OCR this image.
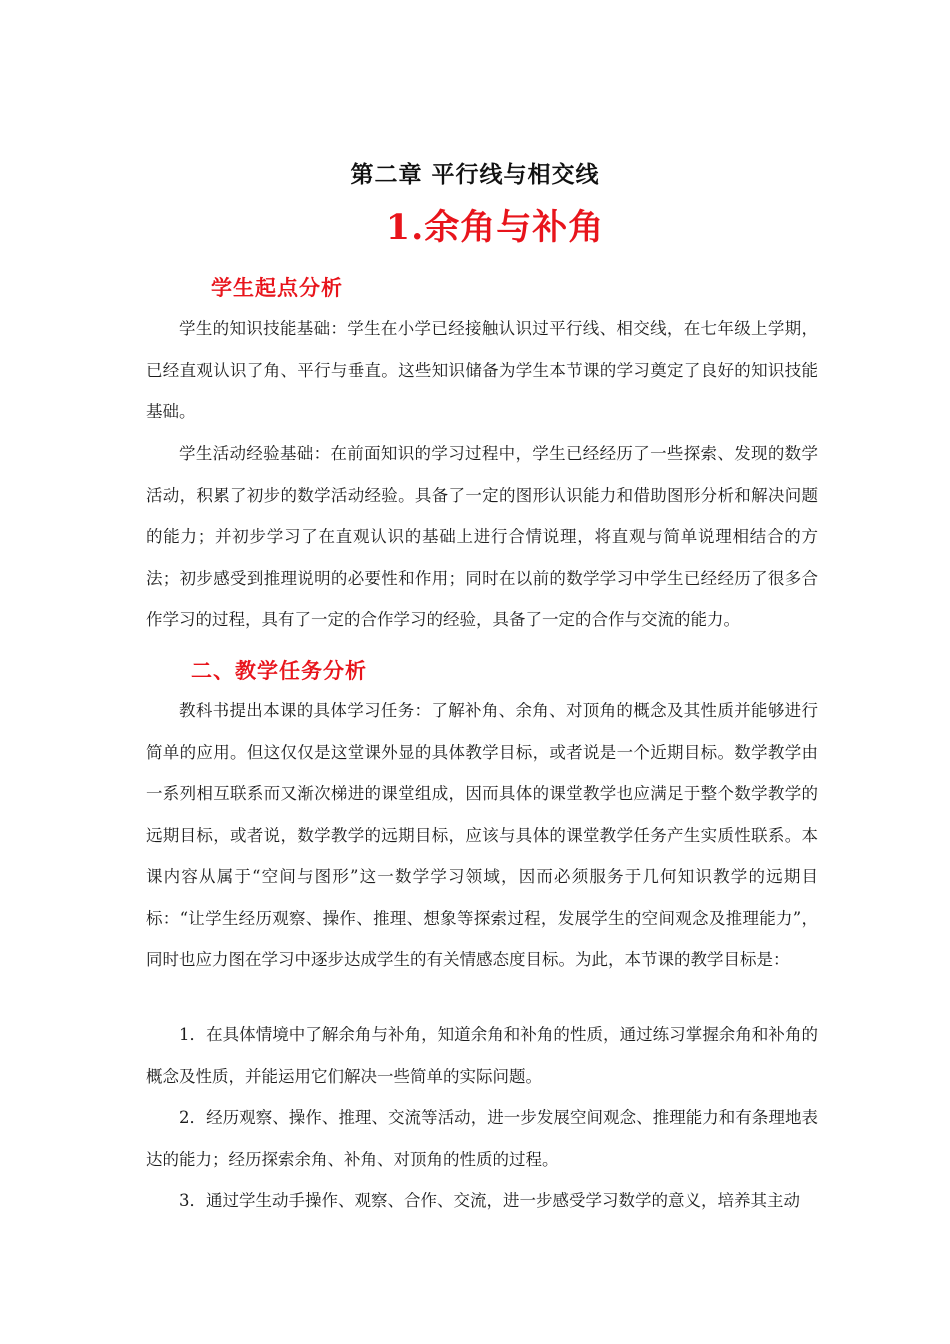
第二章 平行线与相交线
1.余角与补角
学生起点分析

学生的知识技能基础：学生在小学已经接触认识过平行线、相交线，在七年级上学期，已经直观认识了角、平行与垂直。这些知识储备为学生本节课的学习奠定了良好的知识技能基础。

学生活动经验基础：在前面知识的学习过程中，学生已经经历了一些探索、发现的数学活动，积累了初步的数学活动经验。具备了一定的图形认识能力和借助图形分析和解决问题的能力；并初步学习了在直观认识的基础上进行合情说理，将直观与简单说理相结合的方法；初步感受到推理说明的必要性和作用；同时在以前的数学学习中学生已经经历了很多合作学习的过程，具有了一定的合作学习的经验，具备了一定的合作与交流的能力。

二、教学任务分析

教科书提出本课的具体学习任务：了解补角、余角、对顶角的概念及其性质并能够进行简单的应用。但这仅仅是这堂课外显的具体教学目标，或者说是一个近期目标。数学教学由一系列相互联系而又渐次梯进的课堂组成，因而具体的课堂教学也应满足于整个数学教学的远期目标，或者说，数学教学的远期目标，应该与具体的课堂教学任务产生实质性联系。本课内容从属于“空间与图形”这一数学学习领域，因而必须服务于几何知识教学的远期目标：“让学生经历观察、操作、推理、想象等探索过程，发展学生的空间观念及推理能力”，同时也应力图在学习中逐步达成学生的有关情感态度目标。为此，本节课的教学目标是：

1．在具体情境中了解余角与补角，知道余角和补角的性质，通过练习掌握余角和补角的概念及性质，并能运用它们解决一些简单的实际问题。

2．经历观察、操作、推理、交流等活动，进一步发展空间观念、推理能力和有条理地表达的能力；经历探索余角、补角、对顶角的性质的过程。

3．通过学生动手操作、观察、合作、交流，进一步感受学习数学的意义，培养其主动
